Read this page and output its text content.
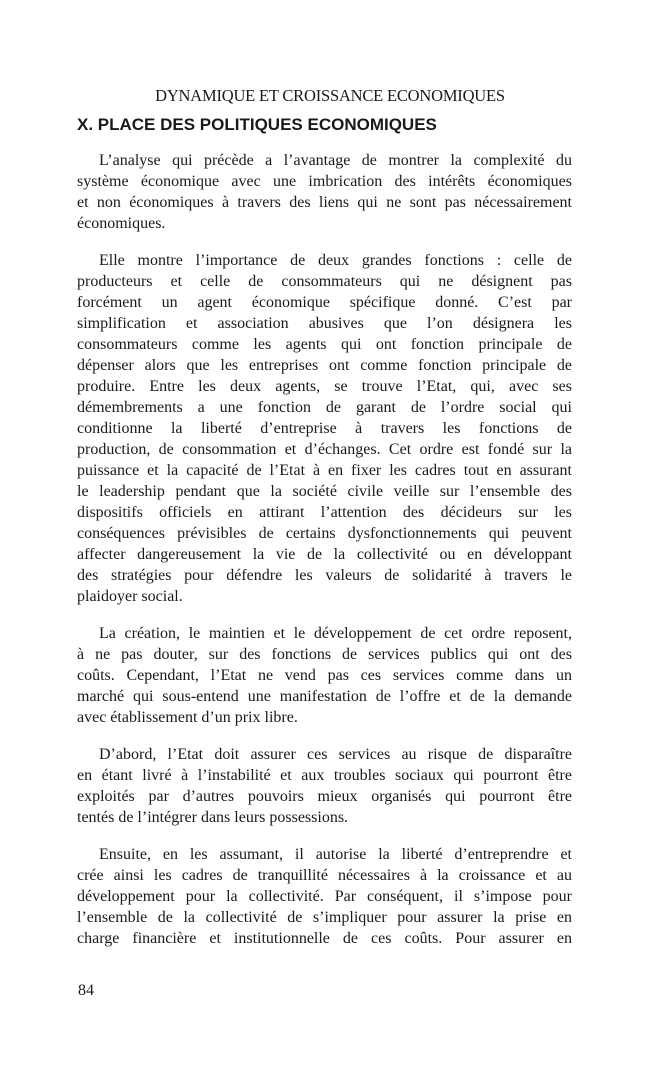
DYNAMIQUE ET CROISSANCE ECONOMIQUES
X. PLACE DES POLITIQUES ECONOMIQUES
L’analyse qui précède a l’avantage de montrer la complexité du
système économique avec une imbrication des intérêts économiques
et non économiques à travers des liens qui ne sont pas nécessairement
économiques.
Elle montre l’importance de deux grandes fonctions : celle de
producteurs et celle de consommateurs qui ne désignent pas
forcément un agent économique spécifique donné. C’est par
simplification et association abusives que l’on désignera les
consommateurs comme les agents qui ont fonction principale de
dépenser alors que les entreprises ont comme fonction principale de
produire. Entre les deux agents, se trouve l’Etat, qui, avec ses
démembrements a une fonction de garant de l’ordre social qui
conditionne la liberté d’entreprise à travers les fonctions de
production, de consommation et d’échanges. Cet ordre est fondé sur la
puissance et la capacité de l’Etat à en fixer les cadres tout en assurant
le leadership pendant que la société civile veille sur l’ensemble des
dispositifs officiels en attirant l’attention des décideurs sur les
conséquences prévisibles de certains dysfonctionnements qui peuvent
affecter dangereusement la vie de la collectivité ou en développant
des stratégies pour défendre les valeurs de solidarité à travers le
plaidoyer social.
La création, le maintien et le développement de cet ordre reposent,
à ne pas douter, sur des fonctions de services publics qui ont des
coûts. Cependant, l’Etat ne vend pas ces services comme dans un
marché qui sous-entend une manifestation de l’offre et de la demande
avec établissement d’un prix libre.
D’abord, l’Etat doit assurer ces services au risque de disparaître
en étant livré à l’instabilité et aux troubles sociaux qui pourront être
exploités par d’autres pouvoirs mieux organisés qui pourront être
tentés de l’intégrer dans leurs possessions.
Ensuite, en les assumant, il autorise la liberté d’entreprendre et
crée ainsi les cadres de tranquillité nécessaires à la croissance et au
développement pour la collectivité. Par conséquent, il s’impose pour
l’ensemble de la collectivité de s’impliquer pour assurer la prise en
charge financière et institutionnelle de ces coûts. Pour assurer en
84
